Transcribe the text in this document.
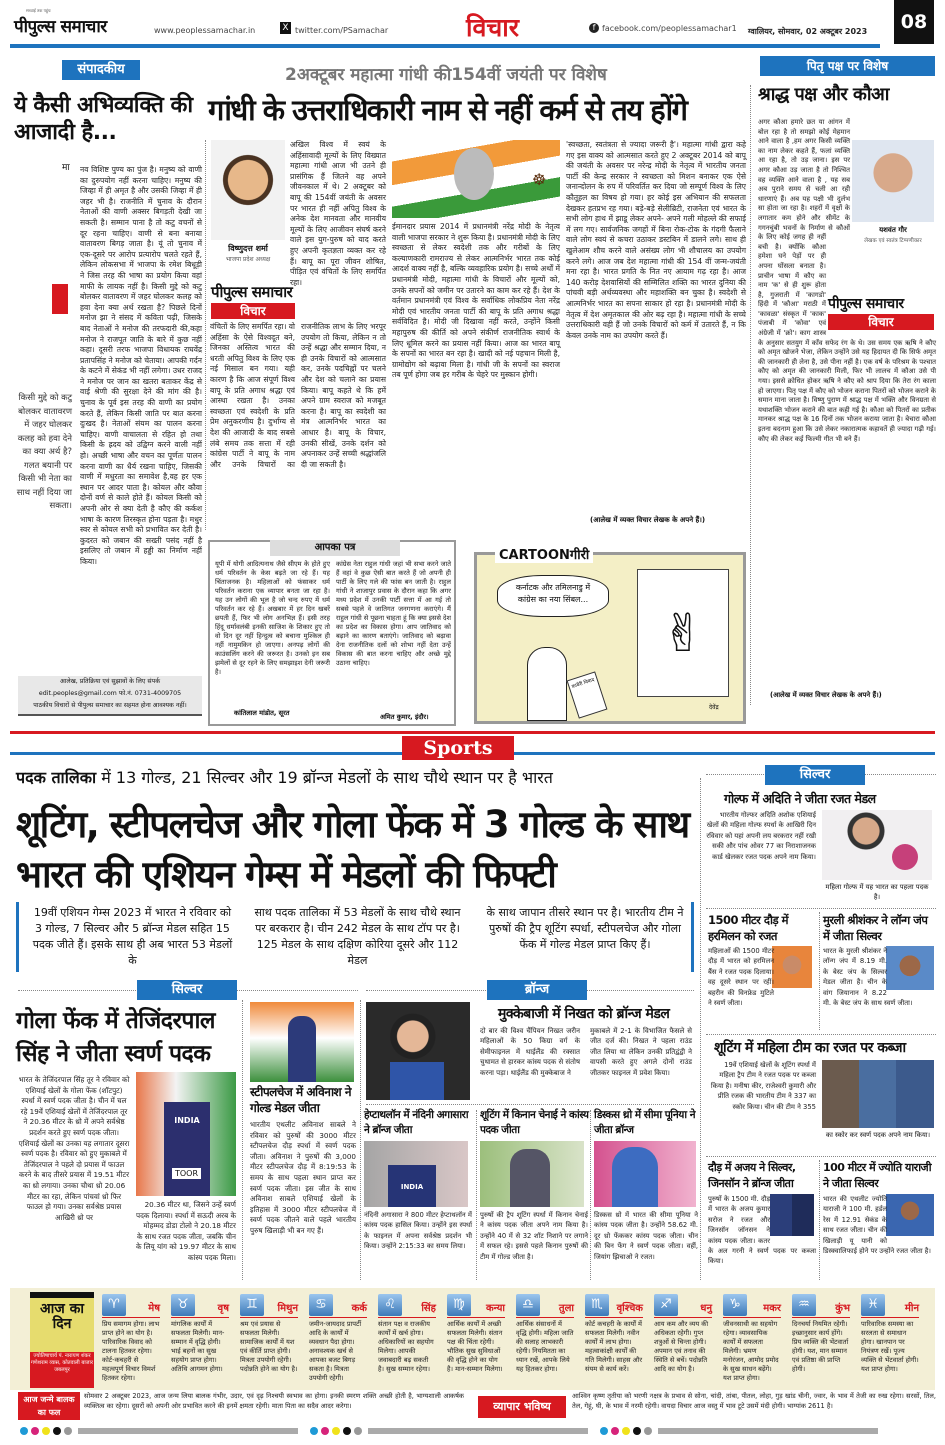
सच्चाई तक पहुंच
पीपुल्स समाचार	www.peoplessamachar.in	X twitter.com/PSamachar	विचार	f facebook.com/peoplessamachar1 ग्वालियर, सोमवार, 02 अक्टूबर 2023	08
संपादकीय
ये कैसी अभिव्यक्ति की आजादी है...
मा नव विशिष्ट पुण्य का पुंज है। मनुष्य को वाणी का दुरुपयोग नहीं करना चाहिए। मनुष्य की जिव्हा में ही अमृत है और उसकी जिव्हा में ही जहर भी है। राजनीति में चुनाव के दौरान नेताओं की वाणी अक्सर बिगड़ती देखी जा सकती है। सम्मान पाना है तो कटु वचनों से दूर रहना चाहिए। वाणी से बना बनाया वातावरण बिगड़ जाता है। यूं तो चुनाव में एक-दूसरे पर आरोप प्रत्यारोप चलते रहते हैं, लेकिन लोकसभा में भाजपा के रमेश बिधूड़ी ने जिस तरह की भाषा का प्रयोग किया वहां माफी के लायक नहीं है। किसी मुद्दे को कटु बोलकर वातावरण में जहर घोलकर कलह को हवा देना क्या अर्थ रखता है? पिछले दिनों मनोज झा ने संसद में कविता पढ़ी, जिसके बाद नेताओं ने मनोज की तरफदारी की,कहा मनोज ने राजपूत जाति के बारे में कुछ नहीं कहा। दूसरी तरफ भाजपा विधायक राघवेंद्र प्रतापसिंह ने मनोज को चेताया। आपकी गर्दन के कटने में सेकंड भी नहीं लगेगा। उधर राजद ने मनोज पर जान का खतरा बताकर केंद्र से वाई श्रेणी की सुरक्षा देने की मांग की है। चुनाव के पूर्व इस तरह की वाणी का प्रयोग करते हैं, लेकिन किसी जाति पर बात करना दुःखद है। नेताओं संयम का पालन करना चाहिए। वाणी वाचालता से रहित हो तथा किसी के ह्रदय को उद्विग्न करने वाली नहीं हो। अच्छी भाषा और वचन का पूर्णतः पालन करना वाणी का धैर्य रखना चाहिए, जिसकी वाणी में मधुरता का समावेश है,वह हर एक स्थान पर आदर पाता है। कोयल और कौवा दोनों वर्ण से काले होते हैं। कोयल किसी को अपनी ओर से क्या देती है कौए की कर्कश भाषा के कारण तिरस्कृत होना पड़ता है। मधुर स्वर से कोयल सभी को प्रभावित कर देती है। कुदरत को जबान की सख्ती पसंद नहीं है इसलिए तो जबान में हड्डी का निर्माण नहीं किया।
किसी मुद्दे को कटु बोलकर वातावरण में जहर घोलकर कलह को हवा देने का क्या अर्थ है? गलत बयानी पर किसी भी नेता का साथ नहीं दिया जा सकता।
आलेख, प्रतिक्रिया एवं सुझावों के लिए संपर्क
edit.peoples@gmail.com फो.नं. 0731-4009705
पाठकीय विचारों से पीपुल्स समाचार का सहमत होना आवश्यक नहीं।
2अक्टूबर महात्मा गांधी की154वीं जयंती पर विशेष
गांधी के उत्तराधिकारी नाम से नहीं कर्म से तय होंगे
विष्णुदत्त शर्मा
भाजपा प्रदेश अध्यक्ष
पीपुल्स समाचार
विचार
अखिल विश्व में स्वयं के अहिंसावादी मूल्यों के लिए विख्यात महात्मा गांधी आज भी उतने ही प्रासंगिक हैं जितने वह अपने जीवनकाल में थे। 2 अक्टूबर को बापू की 154वीं जयंती के अवसर पर भारत ही नहीं अपितु विश्व के अनेक देश मानवता और मानवीय मूल्यों के लिए आजीवन संघर्ष करने वाले इस युग-पुरुष को याद करते हुए अपनी कृतज्ञता व्यक्त कर रहे हैं। बापू का पूरा जीवन शोषित, पीड़ित एवं वंचितों के लिए समर्पित रहा।
वंचितों के लिए समर्पित रहा। वो अहिंसा के ऐसे विश्वदूत बने, जिनका अस्तित्व भारत की धरती अपितु विश्व के लिए एक नई मिसाल बन गया। यही कारण है कि आज संपूर्ण विश्व बापू के प्रति अगाध श्रद्धा एवं आस्था रखता है। उनका स्वच्छता एवं स्वदेशी के प्रति प्रेम अनुकरणीय है। दुर्भाग्य से देश की आजादी के बाद सबसे लंबे समय तक सत्ता में रही कांग्रेस पार्टी ने बापू के नाम और उनके विचारों का राजनीतिक लाभ के लिए भरपूर उपयोग तो किया, लेकिन न तो उन्हें श्रद्धा और सम्मान दिया, न ही उनके विचारों को आत्मसात कर, उनके पदचिह्नों पर चलने और देश को चलाने का प्रयास किया। बापू कहते थे कि हमें अपने ग्राम स्वराज को मजबूत करना है। बापू का स्वदेशी का मंत्र आत्मनिर्भर भारत का आधार है। बापू के विचार, उनकी सीखें, उनके दर्शन को अपनाकर उन्हें सच्ची श्रद्धांजलि दी जा सकती है।
☸
ईमानदार प्रयास 2014 में प्रधानमंत्री नरेंद्र मोदी के नेतृत्व वाली भाजपा सरकार ने शुरू किया है। प्रधानमंत्री मोदी के लिए स्वच्छता से लेकर स्वदेशी तक और गरीबों के लिए कल्याणकारी रामराज्य से लेकर आत्मनिर्भर भारत तक कोई आदर्श वाक्य नहीं है, बल्कि व्यवहारिक प्रयोग है। सच्चे अर्थों में प्रधानमंत्री मोदी, महात्मा गांधी के विचारों और मूल्यों को, उनके सपनों को जमीन पर उतारने का काम कर रहे हैं। देश के वर्तमान प्रधानमंत्री एवं विश्व के सर्वाधिक लोकप्रिय नेता नरेंद्र मोदी एवं भारतीय जनता पार्टी की बापू के प्रति अगाध श्रद्धा सर्वविदित है। मोदी जी दिखावा नहीं करते, उन्होंने किसी महापुरुष की कीर्ति को अपने संकीर्ण राजनीतिक स्वार्थ के लिए धूमिल करने का प्रयास नहीं किया। आज का भारत बापू के सपनों का भारत बन रहा है। खादी को नई पहचान मिली है, ग्रामोद्योग को बढ़ावा मिला है। गांधी जी के सपनों का स्वराज तब पूर्ण होगा जब हर गरीब के चेहरे पर मुस्कान होगी।
'स्वच्छता, स्वतंत्रता से ज्यादा जरूरी है'। महात्मा गांधी द्वारा कहे गए इस वाक्य को आत्मसात करते हुए 2 अक्टूबर 2014 को बापू की जयंती के अवसर पर नरेन्द्र मोदी के नेतृत्व में भारतीय जनता पार्टी की केन्द्र सरकार ने स्वच्छता को मिशन बनाकर एक ऐसे जनान्दोलन के रुप में परिवर्तित कर दिया जो सम्पूर्ण विश्व के लिए कौतूहल का विषय हो गया। हर कोई इस अभियान की सफलता देखकर हतप्रभ रह गया। बड़े-बड़े सेलीब्रिटी, राजनेता एवं भारत के सभी लोग हाथ में झाडू लेकर अपने- अपने गली मोहल्ले की सफाई में लग गए। सार्वजनिक जगहों में बिना रोक-टोक के गंदगी फैलाने वाले लोग स्वयं से कचरा उठाकर डस्टबिन में डालने लगे। साथ ही खुलेआम शौच करने वाले असंख्य लोग भी शौचालय का उपयोग करने लगे। आज जब देश महात्मा गांधी की 154 वीं जन्म-जयंती मना रहा है। भारत प्रगति के नित नए आयाम गढ़ रहा है। आज 140 करोड़ देशवासियों की सम्मिलित शक्ति का भारत दुनिया की पांचवी बड़ी अर्थव्यवस्था और महाशक्ति बन चुका है। स्वदेशी से आत्मनिर्भर भारत का सपना साकार हो रहा है। प्रधानमंत्री मोदी के नेतृत्व में देश अमृतकाल की ओर बढ़ रहा है। महात्मा गांधी के सच्चे उत्तराधिकारी वही हैं जो उनके विचारों को कर्म में उतारते हैं, न कि केवल उनके नाम का उपयोग करते हैं।
(आलेख में व्यक्त विचार लेखक के अपने हैं।)
आपका पत्र
यूपी में योगी आदित्यनाथ जैसे सीएम के होते हुए धर्म परिवर्तन के केस बढ़ते जा रहे हैं। यह चिंताजनक है। महिलाओं को फंसाकर धर्म परिवर्तन कराना एक व्यापार बनता जा रहा है। यह उन लोगों की भूल है जो चन्द रुपए में धर्म परिवर्तन कर रहे हैं। अखबार में हर दिन खबरें छपती हैं, फिर भी लोग अनभिज्ञ हैं। इसी तरह हिंदू धर्मावलंबी इनकी साजिश के शिकार हुए तो वो दिन दूर नहीं हिन्दुत्व को बचाना मुश्किल ही नहीं नामुमकिन हो जाएगा। अनपढ़ लोगों की काउंसलिंग करने की जरूरत है। उनको इन सब झमेलों से दूर रहने के लिए समझाइश देनी जरूरी है।
कांतिलाल मांडोत, सूरत
कांग्रेस नेता राहुल गांधी जहां भी सभा करने जाते हैं वहां वे कुछ ऐसी बात करते हैं जो अपनी ही पार्टी के लिए गले की फांस बन जाती है। राहुल गांधी ने शाजापुर प्रवास के दौरान कहा कि अगर मध्य प्रदेश में उनकी पार्टी सत्ता में आ गई तो सबसे पहले वे जातिगत जनगणना कराएंगे। मैं राहुल गांधी से पूछना चाहता हूं कि क्या इससे देश का प्रदेश का विकास होगा। आप जातिवाद को बढ़ाने का कारण बताएंगे। जातिवाद को बढ़ावा देना राजनीतिक दलों को शोभा नहीं देता उन्हें विकास की बात करना चाहिए और अच्छे मुद्दे उठाना चाहिए।
अमित कुमार, इंदौर।
CARTOONगीरी
कर्नाटक और तमिलनाडु में कांग्रेस का नया सिंबल...
कावेरी विवाद
✌
देवेंद्र
पितृ पक्ष पर विशेष
श्राद्ध पक्ष और कौआ
यशवंत गौर
लेखक एवं स्वतंत्र टिप्पणीकार
पीपुल्स समाचार
विचार
अगर कौआ हमारे छत या आंगन में बोल रहा है तो समझो कोई मेहमान आने वाला है ,हम अगर किसी व्यक्ति का नाम लेकर कहते हैं, फलां व्यक्ति आ रहा है, तो उड़ जाना। इस पर अगर कौआ उड़ जाता है तो निश्चित वह व्यक्ति आने वाला है , यह सब अब पुराने समय से चली आ रही धारणाएं हैं। अब यह पक्षी भी दुर्लभ सा होता जा रहा है। शहरों में वृक्षों के लगातार कम होने और सीमेंट के गगनचुंबी भवनों के निर्माण से कौओं के लिए कोई जगह ही नहीं बची है। क्योंकि कौआ हमेशा घने पेड़ों पर ही अपना घोंसला बनाता है। प्राचीन भाषा में कौए का नाम 'क' से ही शुरू होता है, गुजराती में 'कागडो' हिंदी में 'कौआ' मराठी में 'कावळा' संस्कृत में 'काक' पंजाबी में 'कोवा' एवं अंग्रेजी में 'क्रो'। काग शास्त्र के अनुसार सतयुग में काँव सफेद रंग के थे। उस समय एक ऋषि ने कौए को अमृत खोजने भेजा, लेकिन उन्होंने उसे यह हिदायत दी कि सिर्फ अमृत की जानकारी ही लेना है, उसे पीना नहीं है। एक वर्ष के परिश्रम के पश्चात कौए को अमृत की जानकारी मिली, फिर भी लालच में कौआ उसे पी गया। इससे क्रोधित होकर ऋषि ने कौए को श्राप दिया कि तेरा रंग काला हो जाएगा। पितृ पक्ष में कौए को भोजन कराना पितरों को भोजन कराने के समान माना जाता है। विष्णु पुराण में श्राद्ध पक्ष में भक्ति और विनम्रता से यथाशक्ति भोजन कराने की बात कही गई है। कौआ को पितरों का प्रतीक मानकर श्राद्ध पक्ष के 16 दिनों तक भोजन कराया जाता है। बेचारा कौआ इतना बदनाम हुआ कि उसे लेकर नकारात्मक कहावतें ही ज्यादा गढ़ी गई। कौए की लेकर कई फिल्मी गीत भी बने हैं।
(आलेख में व्यक्त विचार लेखक के अपने हैं।)
Sports
पदक तालिका में 13 गोल्ड, 21 सिल्वर और 19 ब्रॉन्ज मेडलों के साथ चौथे स्थान पर है भारत
शूटिंग, स्टीपलचेज और गोला फेंक में 3 गोल्ड के साथ भारत की एशियन गेम्स में मेडलों की फिफ्टी
19वीं एशियन गेम्स 2023 में भारत ने रविवार को 3 गोल्ड, 7 सिल्वर और 5 ब्रॉन्ज मेडल सहित 15 पदक जीते हैं। इसके साथ ही अब भारत 53 मेडलों के
साथ पदक तालिका में 53 मेडलों के साथ चौथे स्थान पर बरकरार है। चीन 242 मेडल के साथ टॉप पर है। 125 मेडल के साथ दक्षिण कोरिया दूसरे और 112 मेडल
के साथ जापान तीसरे स्थान पर है। भारतीय टीम ने पुरुषों की ट्रैप शूटिंग स्पर्धा, स्टीपलचेज और गोला फेंक में गोल्ड मेडल प्राप्त किए हैं।
सिल्वर	ब्रॉन्ज
गोला फेंक में तेजिंदरपाल सिंह ने जीता स्वर्ण पदक
INDIA
TOOR
भारत के तेजिंदरपाल सिंह तूर ने रविवार को एशियाई खेलों के गोला फेंक (शॉटपुट) स्पर्धा में स्वर्ण पदक जीता है। चीन में चल रहे 19वें एशियाई खेलों में तेजिंदरपाल तूर ने 20.36 मीटर के थ्रो में अपने सर्वश्रेष्ठ प्रदर्शन करते हुए स्वर्ण पदक जीता। एशियाई खेलों का उनका यह लगातार दूसरा स्वर्ण पदक है। रविवार को हुए मुकाबले में तेजिंदरपाल ने पहले दो प्रयास में फाउल करने के बाद तीसरे प्रयास में 19.51 मीटर का थ्रो लगाया। उनका चौथा थ्रो 20.06 मीटर का रहा, लेकिन पांचवां थ्रो फिर फाउल हो गया। उनका सर्वश्रेष्ठ प्रयास आखिरी थ्रो पर
20.36 मीटर था, जिसने उन्हें स्वर्ण पदक दिलाया। स्पर्धा में सऊदी अरब के मोहम्मद डोडा टोलो ने 20.18 मीटर के साथ रजत पदक जीता, जबकि चीन के लियू यांग को 19.97 मीटर के साथ कांस्य पदक मिला।
स्टीपलचेज में अविनाश ने गोल्ड मेडल जीता
भारतीय एथलीट अविनाश साबले ने रविवार को पुरुषों की 3000 मीटर स्टीपलचेज दौड़ स्पर्धा में स्वर्ण पदक जीता। अविनाश ने पुरुषों की 3,000 मीटर स्टीपलचेज दौड़ में 8:19:53 के समय के साथ पहला स्थान प्राप्त कर स्वर्ण पदक जीता। इस जीत के साथ अविनाश साबले एशियाई खेलों के इतिहास में 3000 मीटर स्टीपलचेज में स्वर्ण पदक जीतने वाले पहले भारतीय पुरुष खिलाड़ी भी बन गए हैं।
मुक्केबाजी में निखत को ब्रॉन्ज मेडल
दो बार की विश्व चैंपियन निखत जरीन महिलाओं के 50 किग्रा वर्ग के सेमीफाइनल में थाईलैंड की रक्सात चुथामत से हारकर कांस्य पदक से संतोष करना पड़ा। थाईलैंड की मुक्केबाज ने
मुकाबले में 2-1 के विभाजित फैसले से जीत दर्ज की। निखत ने पहला राउंड जीत लिया था लेकिन उनकी प्रतिद्वंद्वी ने वापसी करते हुए अगले दोनों राउंड जीतकर फाइनल में प्रवेश किया।
हेप्टाथलॉन में नंदिनी अगासारा ने ब्रॉन्ज जीता
INDIA
नंदिनी अगासारा ने 800 मीटर हेप्टाथलॉन में कांस्य पदक हासिल किया। उन्होंने इस स्पर्धा के फाइनल में अपना सर्वश्रेष्ठ प्रदर्शन भी किया। उन्होंने 2:15:33 का समय लिया।
शूटिंग में किनान चेनाई ने कांस्य पदक जीता
पुरुषों की ट्रैप शूटिंग स्पर्धा में किनान चेनाई ने कांस्य पदक जीता अपने नाम किया है। उन्होंने 40 में से 32 शॉट निशाने पर लगाने में सफल रहे। इससे पहले किनान पुरुषों की टीम में गोल्ड जीता है।
डिस्कस थ्रो में सीमा पूनिया ने जीता ब्रॉन्ज
डिस्कस थ्रो में भारत की सीमा पूनिया ने कांस्य पदक जीता है। उन्होंने 58.62 मी. दूर थ्रो फेंककर कांस्य पदक जीता। चीन की बिन फेंग ने स्वर्ण पदक जीता। वहीं, जियांग झिचाओ ने रजत।
सिल्वर
गोल्फ में अदिति ने जीता रजत मेडल
भारतीय गोल्फर अदिति अशोक एशियाई खेलों की महिला गोल्फ स्पर्धा के आखिरी दिन रविवार को यहां अपनी लय बरकरार नहीं रखी सकी और पांच ओवर 77 का निराशाजनक कार्ड खेलकर रजत पदक अपने नाम किया।
महिला गोल्फ में यह भारत का पहला पदक है।
1500 मीटर दौड़ में हरमिलन को रजत
महिलाओं की 1500 मीटर दौड़ में भारत को हरमिलन बैंस ने रजत पदक दिलाया। वह दूसरे स्थान पर रहीं। बहरीन की विनफ्रेड मुटिले ने स्वर्ण जीता।
मुरली श्रीशंकर ने लॉन्ग जंप में जीता सिल्वर
भारत के मुरली श्रीशंकर ने लॉन्ग जंप में 8.19 मी. के बेस्ट जंप के सिल्वर मेडल जीता है। चीन के वांग जियानान ने 8.22 मी. के बेस्ट जंप के साथ स्वर्ण जीता।
शूटिंग में महिला टीम का रजत पर कब्जा
19वें एशियाई खेलों के शूटिंग स्पर्धा में महिला ट्रैप टीम ने रजत पदक पर कब्जा किया है। मनीषा कीर, राजेश्वरी कुमारी और प्रीति रजक की भारतीय टीम ने 337 का स्कोर किया। चीन की टीम ने 355
का स्कोर कर स्वर्ण पदक अपने नाम किया।
दौड़ में अजय ने सिल्वर, जिनसॉन ने ब्रॉन्ज जीता
पुरुषों के 1500 मी. दौड़ में भारत के अजय कुमार सरोज ने रजत और जिनसॉन जॉनसन ने कांस्य पदक जीता। कतर के अल गरनी ने स्वर्ण पदक पर कब्जा किया।
100 मीटर में ज्योति याराजी ने जीता सिल्वर
भारत की एथलीट ज्योति याराजी ने 100 मी. हर्डल रेस में 12.91 सेकंड के साथ रजत जीता। चीन की खिलाड़ी यू यानी को डिस्क्वालिफाई होने पर उन्होंने रजत जीता है।
आज का दिन
ज्योतिषाचार्य पं. नारायण शंकर गणेशराम व्यास, कोतवाली बाजार जबलपुर
♈	मेष
प्रिय समागम होगा। लाभ प्राप्त होने का योग है। पारिवारिक विवाद को टालना हितकर रहेगा। कोर्ट-कचहरी से महत्वपूर्ण विचार विमर्श हितकर रहेगा।
♉	वृष
मांगलिक कार्यों में सफलता मिलेगी। मान-सम्मान में वृद्धि होगी। भाई बहनों का सुख सहयोग प्राप्त होगा। अतिथि आगमन होगा।
♊	मिथुन
श्रम एवं प्रयास से सफलता मिलेगी। सामाजिक कार्यों में यश एवं कीर्ति प्राप्त होगी। मित्रता उपयोगी रहेगी। पदोन्नति होने का योग है।
♋	कर्क
जमीन-जायदाद प्रापर्टी आदि के कार्यों में व्यवधान पैदा होगा। अनावश्यक खर्च से आपका बजट बिगड़ सकता है। मित्रता उपयोगी रहेगी।
♌	सिंह
संतान पक्ष व राजकीय कार्यों में खर्च होगा। अधिकारियों का सहयोग मिलेगा। आपकी जवाबदारी बढ़ सकती है। सुख सम्मान रहेगा।
♍	कन्या
आर्थिक कार्यों में अच्छी सफलता मिलेगी। संतान पक्ष की चिंता रहेगी। भौतिक सुख सुविधाओं की वृद्धि होने का योग है। मान-सम्मान मिलेगा।
♎	तुला
आर्थिक संसाधनों में वृद्धि होगी। महिला जाति की सलाह लाभकारी रहेगी। नियमितता का ध्यान रखें, आपके लिये यह हितकर होगा।
♏	वृश्चिक
कोर्ट कचहरी के कार्यों में सफलता मिलेगी। नवीन कार्यों में लाभ होगा। महत्वाकांक्षी कार्यों की गति मिलेगी। साहस और संयम से कार्य करें।
♐	धनु
आय कम और व्यय की अधिकता रहेगी। गुप्त शत्रुओं से चिन्ता होगी। अपमान एवं तनाव की स्थिति से बचें। पदोन्नति आदि का योग है।
♑	मकर
जीवनसाथी का सहयोग रहेगा। व्यावसायिक कार्यों में सफलता मिलेगी। भ्रमण मनोरंजन, आमोद प्रमोद के सुख साधन बढ़ेंगे। यश प्राप्त होगा।
♒	कुंभ
दिनचर्या नियमित रहेगी। इच्छानुसार कार्य होंगे। प्रिय व्यक्ति की भेंटवार्ता होगी। यश, मान सम्मान एवं प्रतिष्ठा की प्राप्ति होगी।
♓	मीन
पारिवारिक समस्या का सरलता से समाधान होगा। खानपान पर नियंत्रण रखें। पूज्य व्यक्ति से भेंटवार्ता होगी। यश प्राप्त होगा।
आज जन्मे बालक का फल
सोमवार 2 अक्टूबर 2023, आज जन्म लिया बालक गंभीर, उदार, एवं दृढ़ निश्चयी स्वभाव का होगा। इनकी स्मरण शक्ति अच्छी होती है, भाग्यशाली आकर्षक व्यक्तित्व का रहेगा। दूसरों को अपनी ओर प्रभावित करने की इनमें क्षमता रहेगी। माता पिता का सदैव आदर करेगा।	व्यापार भविष्य
आश्विन कृष्ण तृतीया को भरणी नक्षत्र के प्रभाव से सोना, चांदी, तांबा, पीतल, लोहा, गुड़ खांड चीनी, ज्वार, के भाव में तेजी का रुख रहेगा। सरसों, तिल, तेल, गेहूं, घी, के भाव में नरमी रहेगी। वायदा विचार आज वस्तु में भाव टूटे उसमें मंदी होगी। भाग्यांक 2611 है।
